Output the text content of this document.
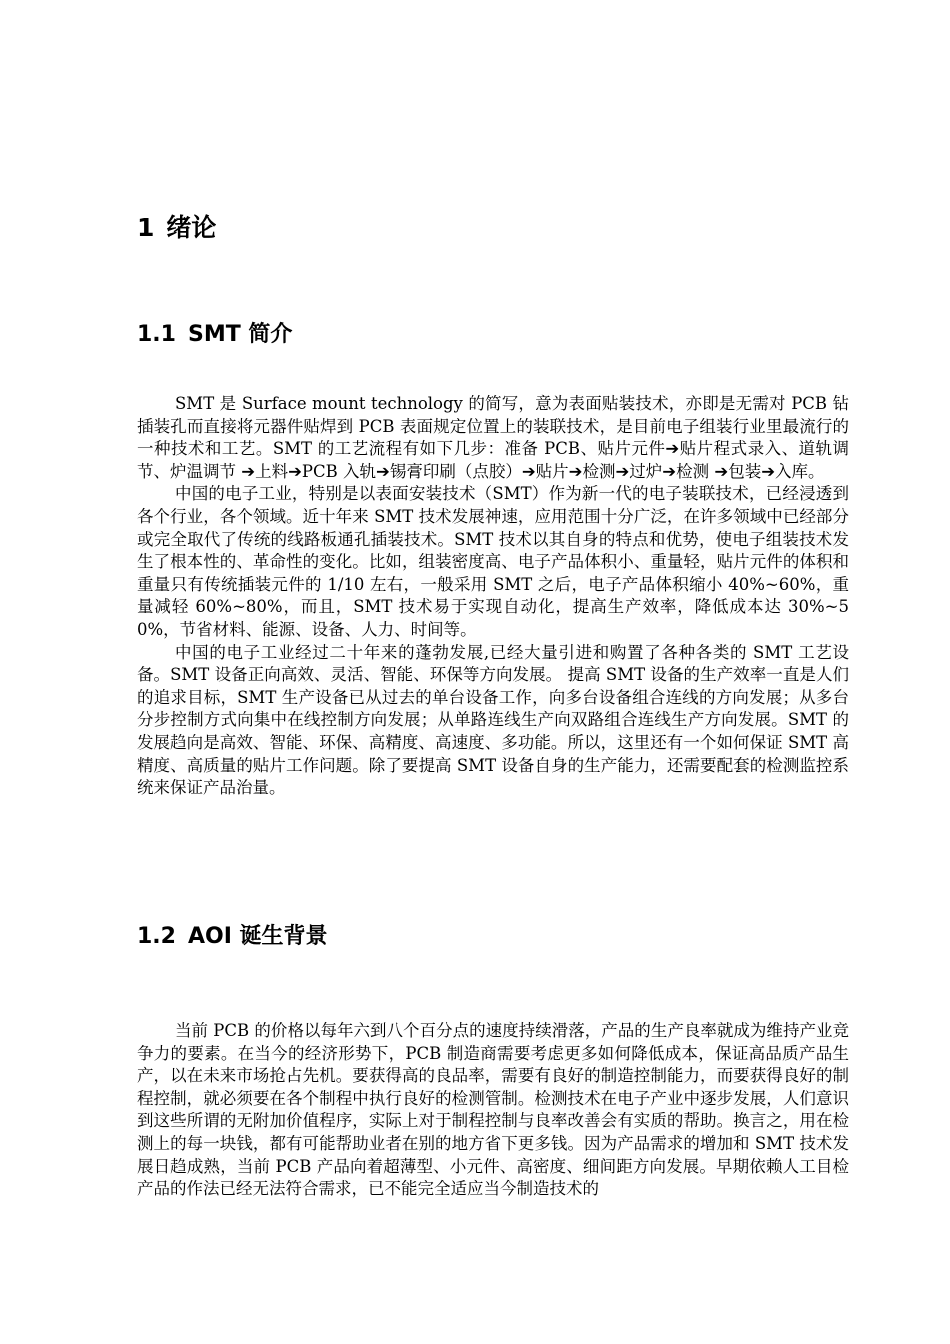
1 绪论
1.1 SMT 简介

SMT 是 Surface mount technology 的简写，意为表面贴装技术，亦即是无需对 PCB 钻插装孔而直接将元器件贴焊到 PCB 表面规定位置上的装联技术，是目前电子组装行业里最流行的一种技术和工艺。SMT 的工艺流程有如下几步：准备 PCB、贴片元件➔贴片程式录入、道轨调节、炉温调节 ➔上料➔PCB 入轨➔锡膏印刷（点胶）➔贴片➔检测➔过炉➔检测 ➔包装➔入库。

中国的电子工业，特别是以表面安装技术（SMT）作为新一代的电子装联技术，已经浸透到各个行业，各个领域。近十年来 SMT 技术发展神速，应用范围十分广泛，在许多领域中已经部分或完全取代了传统的线路板通孔插装技术。SMT 技术以其自身的特点和优势，使电子组装技术发生了根本性的、革命性的变化。比如，组装密度高、电子产品体积小、重量轻，贴片元件的体积和重量只有传统插装元件的 1/10 左右，一般采用 SMT 之后，电子产品体积缩小 40%~60%，重量减轻 60%~80%，而且，SMT 技术易于实现自动化，提高生产效率，降低成本达 30%~50%，节省材料、能源、设备、人力、时间等。

中国的电子工业经过二十年来的蓬勃发展,已经大量引进和购置了各种各类的 SMT 工艺设备。SMT 设备正向高效、灵活、智能、环保等方向发展。 提高 SMT 设备的生产效率一直是人们的追求目标，SMT 生产设备已从过去的单台设备工作，向多台设备组合连线的方向发展；从多台分步控制方式向集中在线控制方向发展；从单路连线生产向双路组合连线生产方向发展。SMT 的发展趋向是高效、智能、环保、高精度、高速度、多功能。所以，这里还有一个如何保证 SMT 高精度、高质量的贴片工作问题。除了要提高 SMT 设备自身的生产能力，还需要配套的检测监控系统来保证产品治量。

1.2 AOI 诞生背景

当前 PCB 的价格以每年六到八个百分点的速度持续滑落，产品的生产良率就成为维持产业竞争力的要素。在当今的经济形势下，PCB 制造商需要考虑更多如何降低成本，保证高品质产品生产，以在未来市场抢占先机。要获得高的良品率，需要有良好的制造控制能力，而要获得良好的制程控制，就必须要在各个制程中执行良好的检测管制。检测技术在电子产业中逐步发展，人们意识到这些所谓的无附加价值程序，实际上对于制程控制与良率改善会有实质的帮助。换言之，用在检测上的每一块钱，都有可能帮助业者在别的地方省下更多钱。因为产品需求的增加和 SMT 技术发展日趋成熟，当前 PCB 产品向着超薄型、小元件、高密度、细间距方向发展。早期依赖人工目检产品的作法已经无法符合需求，已不能完全适应当今制造技术的
